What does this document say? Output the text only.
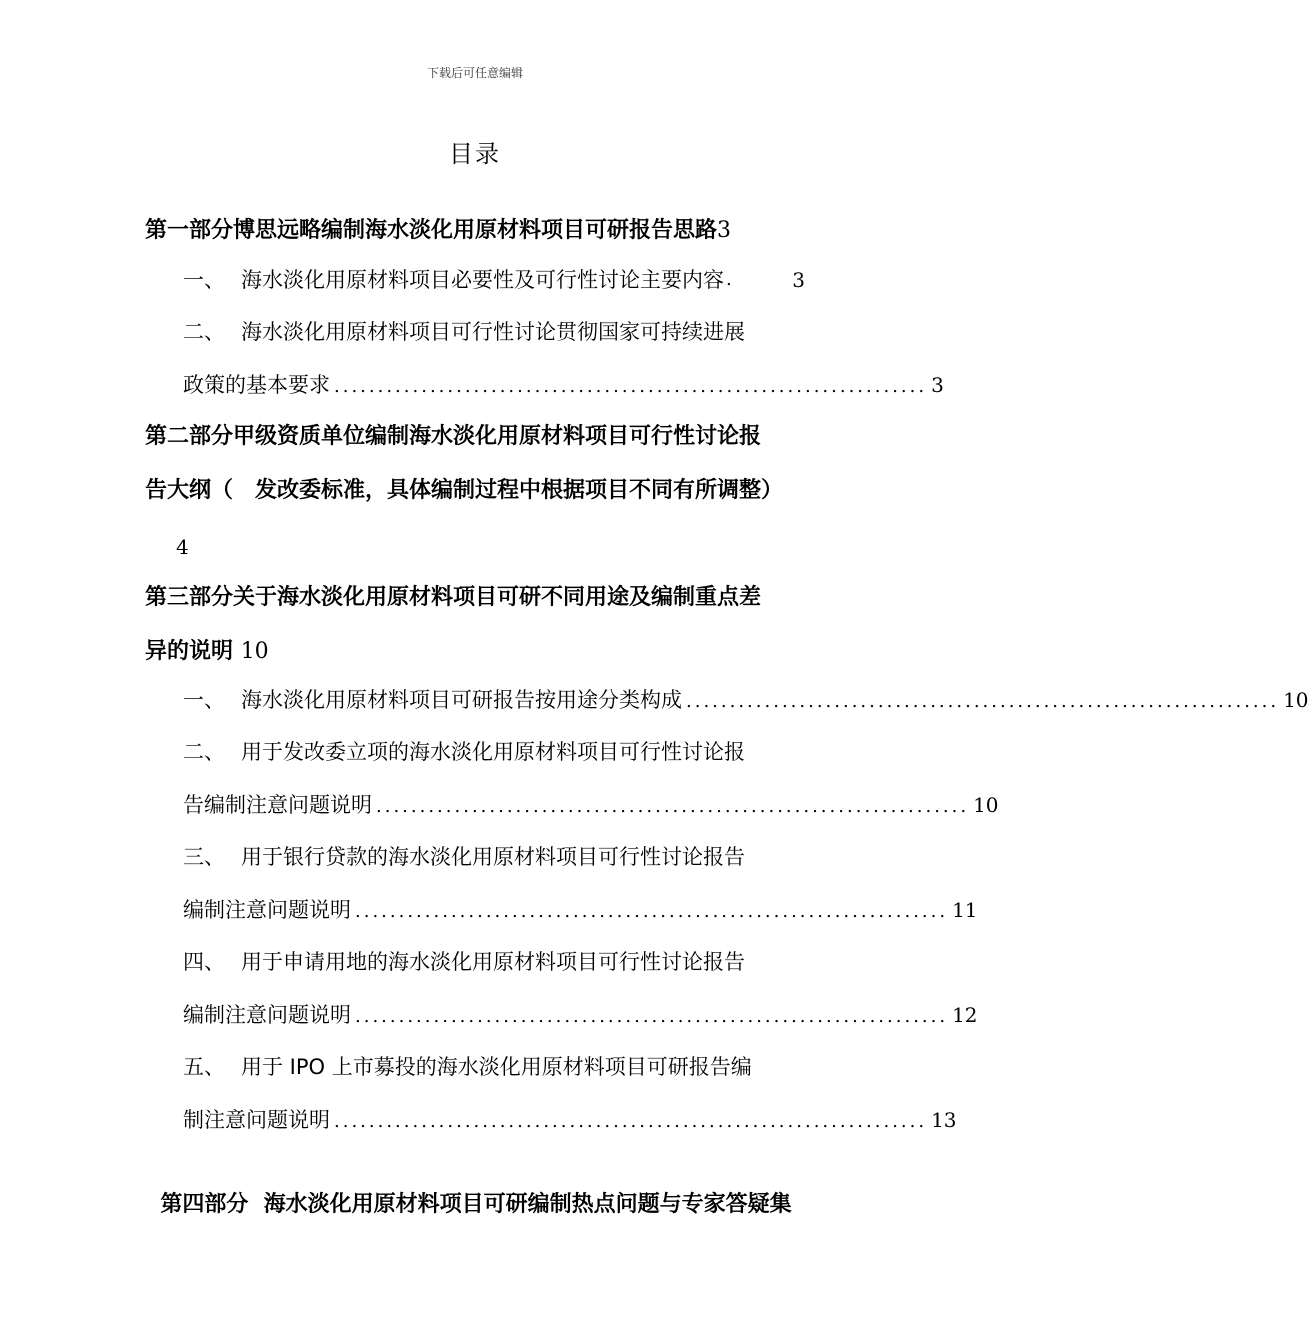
下载后可任意编辑
目录
第一部分博思远略编制海水淡化用原材料项目可研报告思路3
一、 海水淡化用原材料项目必要性及可行性讨论主要内容 .	3
二、 海水淡化用原材料项目可行性讨论贯彻国家可持续进展
政策的基本要求 .................................................................... 3
第二部分甲级资质单位编制海水淡化用原材料项目可行性讨论报
告大纲（　发改委标准，具体编制过程中根据项目不同有所调整）
4
第三部分关于海水淡化用原材料项目可研不同用途及编制重点差
异的说明 10
一、 海水淡化用原材料项目可研报告按用途分类构成 .................................................................... 10
二、 用于发改委立项的海水淡化用原材料项目可行性讨论报
告编制注意问题说明 .................................................................... 10
三、 用于银行贷款的海水淡化用原材料项目可行性讨论报告
编制注意问题说明 .................................................................... 11
四、 用于申请用地的海水淡化用原材料项目可行性讨论报告
编制注意问题说明 .................................................................... 12
五、 用于 IPO 上市募投的海水淡化用原材料项目可研报告编
制注意问题说明 .................................................................... 13

第四部分  海水淡化用原材料项目可研编制热点问题与专家答疑集
